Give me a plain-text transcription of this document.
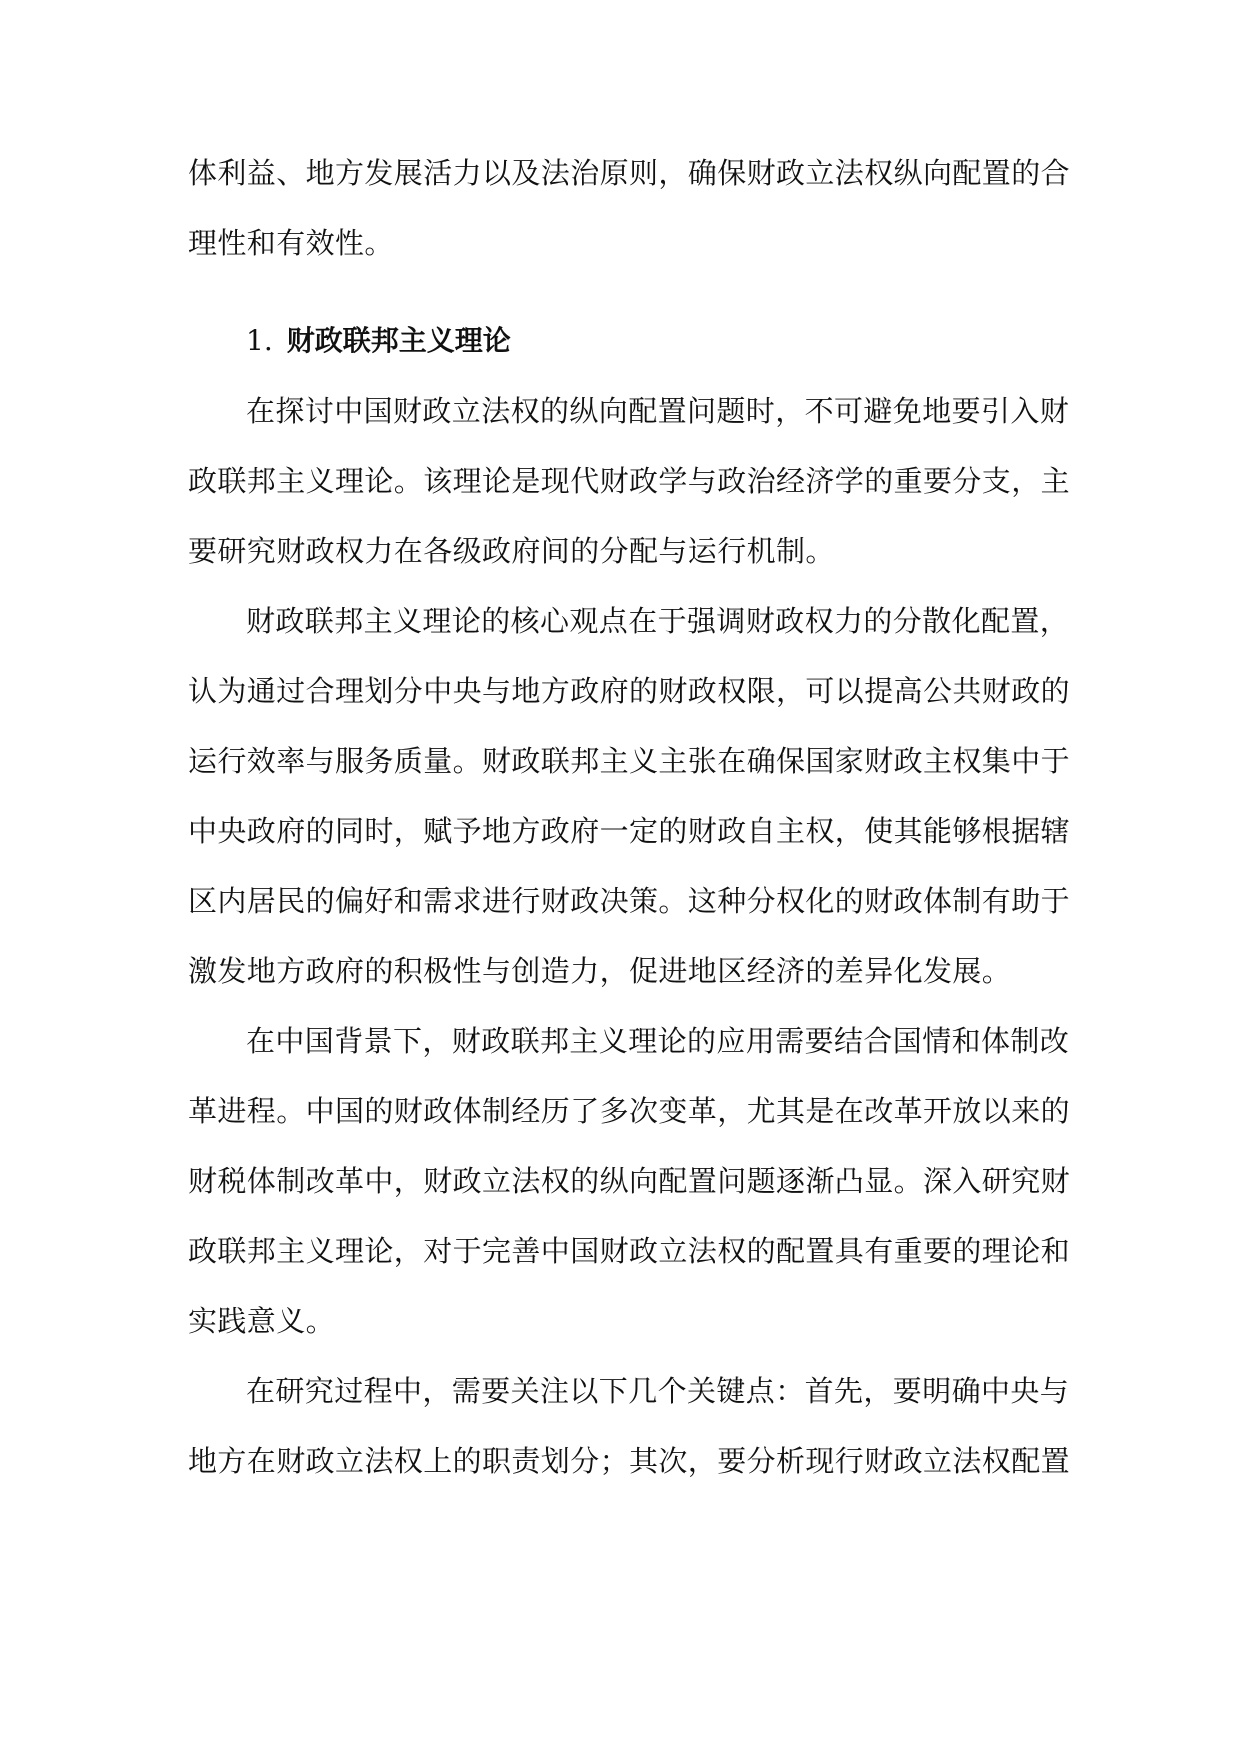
体利益、地方发展活力以及法治原则，确保财政立法权纵向配置的合
理性和有效性。
1. 财政联邦主义理论
在探讨中国财政立法权的纵向配置问题时，不可避免地要引入财
政联邦主义理论。该理论是现代财政学与政治经济学的重要分支，主
要研究财政权力在各级政府间的分配与运行机制。
财政联邦主义理论的核心观点在于强调财政权力的分散化配置，
认为通过合理划分中央与地方政府的财政权限，可以提高公共财政的
运行效率与服务质量。财政联邦主义主张在确保国家财政主权集中于
中央政府的同时，赋予地方政府一定的财政自主权，使其能够根据辖
区内居民的偏好和需求进行财政决策。这种分权化的财政体制有助于
激发地方政府的积极性与创造力，促进地区经济的差异化发展。
在中国背景下，财政联邦主义理论的应用需要结合国情和体制改
革进程。中国的财政体制经历了多次变革，尤其是在改革开放以来的
财税体制改革中，财政立法权的纵向配置问题逐渐凸显。深入研究财
政联邦主义理论，对于完善中国财政立法权的配置具有重要的理论和
实践意义。
在研究过程中，需要关注以下几个关键点：首先，要明确中央与
地方在财政立法权上的职责划分；其次，要分析现行财政立法权配置
